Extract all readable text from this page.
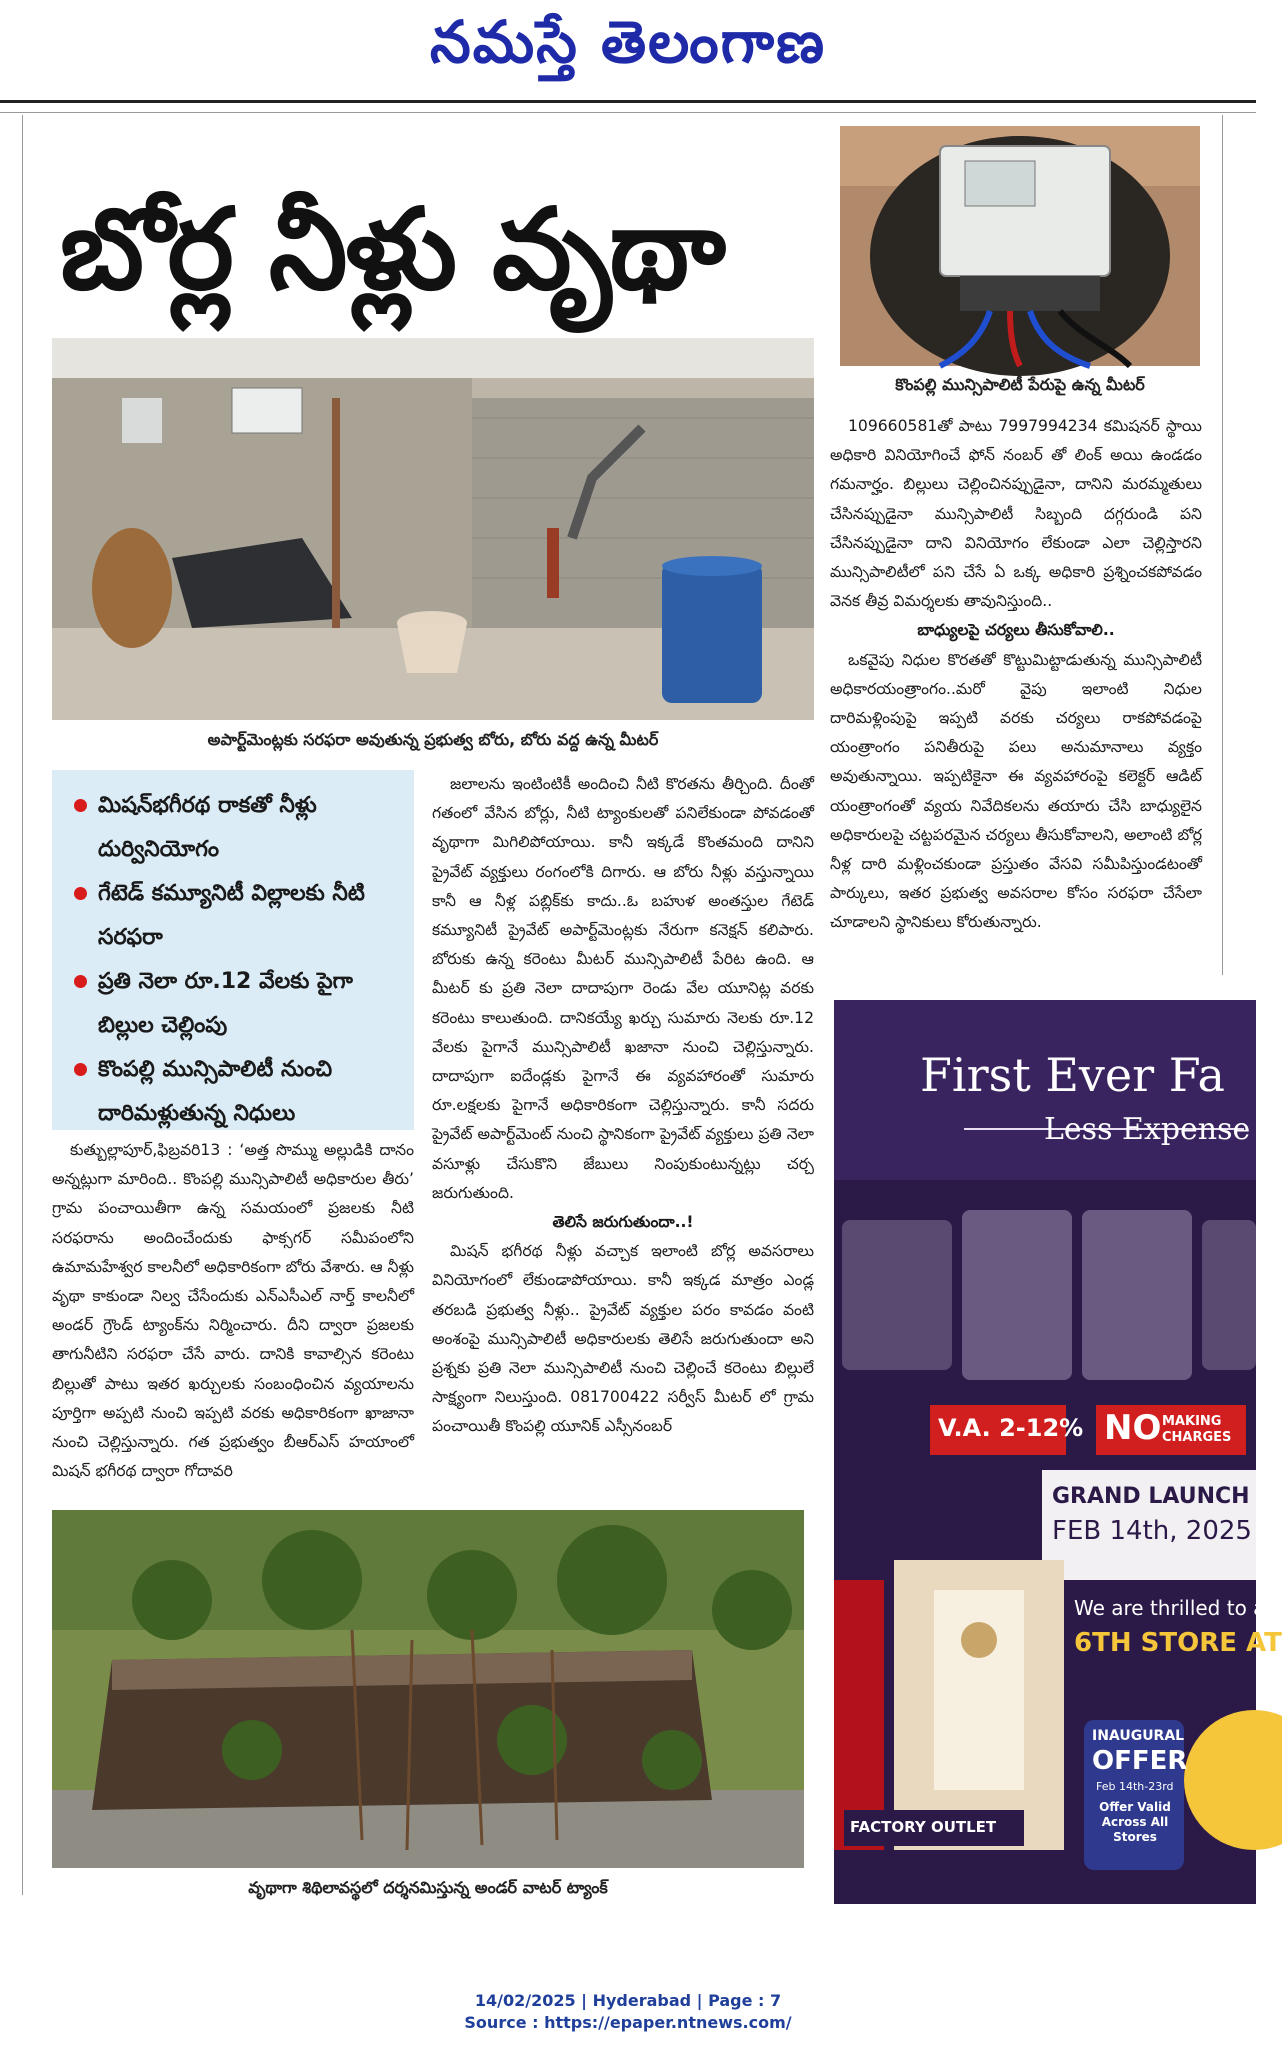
నమస్తే తెలంగాణ
బోర్ల నీళ్లు వృథా
కొంపల్లి మున్సిపాలిటీ పేరుపై ఉన్న మీటర్
అపార్ట్‌మెంట్లకు సరఫరా అవుతున్న ప్రభుత్వ బోరు, బోరు వద్ద ఉన్న మీటర్
మిషన్‌భగీరథ రాకతో నీళ్లు దుర్వినియోగం
గేటెడ్ కమ్యూనిటీ విల్లాలకు నీటి సరఫరా
ప్రతి నెలా రూ.12 వేలకు పైగా బిల్లుల చెల్లింపు
కొంపల్లి మున్సిపాలిటీ నుంచి దారిమళ్లుతున్న నిధులు

కుత్బుల్లాపూర్,ఫిబ్రవరి13 : ‘అత్త సొమ్ము అల్లుడికి దానం అన్నట్లుగా మారింది.. కొంపల్లి మున్సిపాలిటీ అధికారుల తీరు’ గ్రామ పంచాయితీగా ఉన్న సమయంలో ప్రజలకు నీటి సరఫరాను అందించేందుకు ఫాక్సగర్ సమీపంలోని ఉమామహేశ్వర కాలనీలో అధికారికంగా బోరు వేశారు. ఆ నీళ్లు వృథా కాకుండా నిల్వ చేసేందుకు ఎన్ఎసీఎల్ నార్త్ కాలనీలో అండర్ గ్రౌండ్ ట్యాంక్‌ను నిర్మించారు. దీని ద్వారా ప్రజలకు తాగునీటిని సరఫరా చేసే వారు. దానికి కావాల్సిన కరెంటు బిల్లుతో పాటు ఇతర ఖర్చులకు సంబంధించిన వ్యయాలను పూర్తిగా అప్పటి నుంచి ఇప్పటి వరకు అధికారికంగా ఖాజానా నుంచి చెల్లిస్తున్నారు. గత ప్రభుత్వం బీఆర్ఎస్ హయాంలో మిషన్ భగీరథ ద్వారా గోదావరి

జలాలను ఇంటింటికీ అందించి నీటి కొరతను తీర్చింది. దీంతో గతంలో వేసిన బోర్లు, నీటి ట్యాంకులతో పనిలేకుండా పోవడంతో వృథాగా మిగిలిపోయాయి. కానీ ఇక్కడే కొంతమంది దానిని ప్రైవేట్ వ్యక్తులు రంగంలోకి దిగారు. ఆ బోరు నీళ్లు వస్తున్నాయి కానీ ఆ నీళ్ల పబ్లిక్‌కు కాదు..ఓ బహుళ అంతస్తుల గేటెడ్ కమ్యూనిటీ ప్రైవేట్ అపార్ట్‌మెంట్లకు నేరుగా కనెక్షన్ కలిపారు. బోరుకు ఉన్న కరెంటు మీటర్ మున్సిపాలిటీ పేరిట ఉంది. ఆ మీటర్ కు ప్రతి నెలా దాదాపుగా రెండు వేల యూనిట్ల వరకు కరెంటు కాలుతుంది. దానికయ్యే ఖర్చు సుమారు నెలకు రూ.12 వేలకు పైగానే మున్సిపాలిటీ ఖజానా నుంచి చెల్లిస్తున్నారు. దాదాపుగా ఐదేండ్లకు పైగానే ఈ వ్యవహారంతో సుమారు రూ.లక్షలకు పైగానే అధికారికంగా చెల్లిస్తున్నారు. కానీ సదరు ప్రైవేట్ అపార్ట్‌మెంట్ నుంచి స్థానికంగా ప్రైవేట్ వ్యక్తులు ప్రతి నెలా వసూళ్లు చేసుకొని జేబులు నింపుకుంటున్నట్లు చర్చ జరుగుతుంది.

తెలిసే జరుగుతుందా..!

మిషన్ భగీరథ నీళ్లు వచ్చాక ఇలాంటి బోర్ల అవసరాలు వినియోగంలో లేకుండాపోయాయి. కానీ ఇక్కడ మాత్రం ఎండ్ల తరబడి ప్రభుత్వ నీళ్లు.. ప్రైవేట్ వ్యక్తుల పరం కావడం వంటి అంశంపై మున్సిపాలిటీ అధికారులకు తెలిసే జరుగుతుందా అని ప్రశ్నకు ప్రతి నెలా మున్సిపాలిటీ నుంచి చెల్లించే కరెంటు బిల్లులే సాక్ష్యంగా నిలుస్తుంది. 081700422 సర్వీస్ మీటర్ లో గ్రామ పంచాయితీ కొంపల్లి యూనిక్ ఎస్సీనంబర్

109660581తో పాటు 7997994234 కమిషనర్ స్థాయి అధికారి వినియోగించే ఫోన్ నంబర్ తో లింక్ అయి ఉండడం గమనార్హం. బిల్లులు చెల్లించినప్పుడైనా, దానిని మరమ్మతులు చేసినప్పుడైనా మున్సిపాలిటీ సిబ్బంది దగ్గరుండి పని చేసినప్పుడైనా దాని వినియోగం లేకుండా ఎలా చెల్లిస్తారని మున్సిపాలిటీలో పని చేసే ఏ ఒక్క అధికారి ప్రశ్నించకపోవడం వెనక తీవ్ర విమర్శలకు తావునిస్తుంది..

బాధ్యులపై చర్యలు తీసుకోవాలి..

ఒకవైపు నిధుల కొరతతో కొట్టుమిట్టాడుతున్న మున్సిపాలిటీ అధికారయంత్రాంగం..మరో వైపు ఇలాంటి నిధుల దారిమళ్లింపుపై ఇప్పటి వరకు చర్యలు రాకపోవడంపై యంత్రాంగం పనితీరుపై పలు అనుమానాలు వ్యక్తం అవుతున్నాయి. ఇప్పటికైనా ఈ వ్యవహారంపై కలెక్టర్ ఆడిట్ యంత్రాంగంతో వ్యయ నివేదికలను తయారు చేసి బాధ్యులైన అధికారులపై చట్టపరమైన చర్యలు తీసుకోవాలని, అలాంటి బోర్ల నీళ్ల దారి మళ్లించకుండా ప్రస్తుతం వేసవి సమీపిస్తుండటంతో పార్కులు, ఇతర ప్రభుత్వ అవసరాల కోసం సరఫరా చేసేలా చూడాలని స్థానికులు కోరుతున్నారు.

వృథాగా శిథిలావస్థలో దర్శనమిస్తున్న అండర్ వాటర్ ట్యాంక్
First Ever Fa
Less Expense
V.A. 2-12% NO MAKING CHARGES
GRAND LAUNCH
FEB 14th, 2025
We are thrilled to an
6TH STORE AT
FACTORY OUTLET
INAUGURAL
OFFER
Feb 14th-23rd
Offer Valid Across All Stores
14/02/2025 | Hyderabad | Page : 7
Source : https://epaper.ntnews.com/
